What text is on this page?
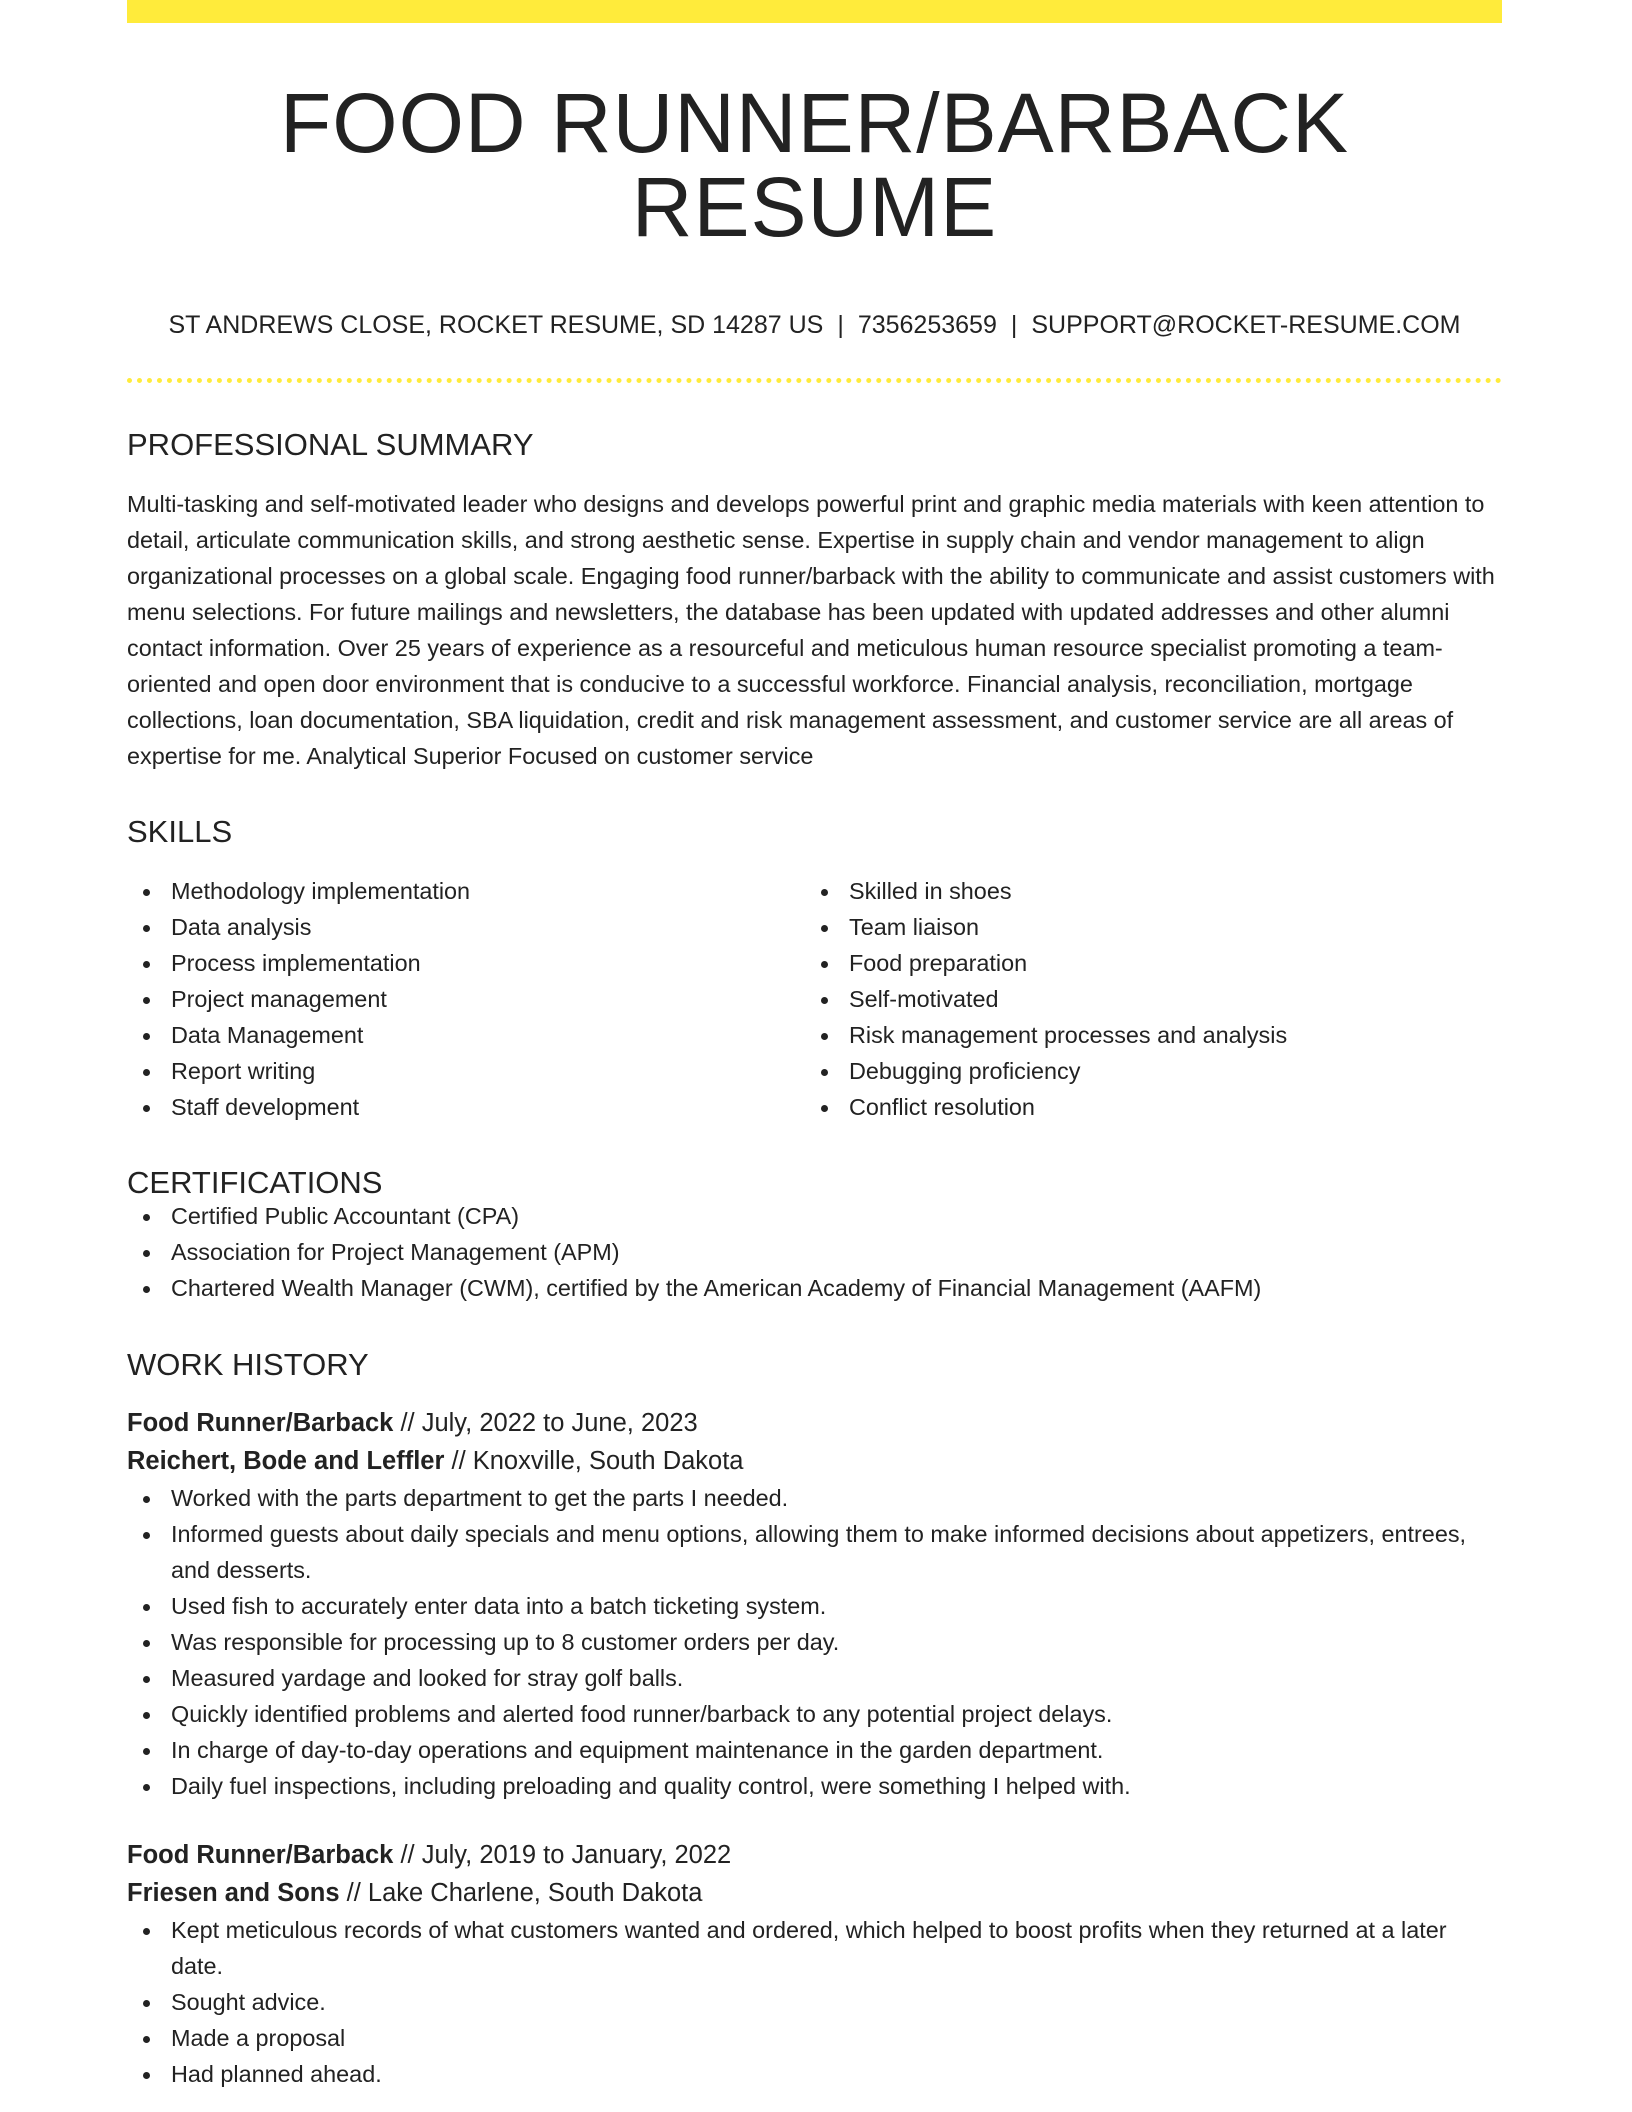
FOOD RUNNER/BARBACK RESUME
ST ANDREWS CLOSE, ROCKET RESUME, SD 14287 US | 7356253659 | SUPPORT@ROCKET-RESUME.COM
PROFESSIONAL SUMMARY
Multi-tasking and self-motivated leader who designs and develops powerful print and graphic media materials with keen attention to detail, articulate communication skills, and strong aesthetic sense. Expertise in supply chain and vendor management to align organizational processes on a global scale. Engaging food runner/barback with the ability to communicate and assist customers with menu selections. For future mailings and newsletters, the database has been updated with updated addresses and other alumni contact information. Over 25 years of experience as a resourceful and meticulous human resource specialist promoting a team-oriented and open door environment that is conducive to a successful workforce. Financial analysis, reconciliation, mortgage collections, loan documentation, SBA liquidation, credit and risk management assessment, and customer service are all areas of expertise for me. Analytical Superior Focused on customer service
SKILLS
Methodology implementation
Data analysis
Process implementation
Project management
Data Management
Report writing
Staff development
Skilled in shoes
Team liaison
Food preparation
Self-motivated
Risk management processes and analysis
Debugging proficiency
Conflict resolution
CERTIFICATIONS
Certified Public Accountant (CPA)
Association for Project Management (APM)
Chartered Wealth Manager (CWM), certified by the American Academy of Financial Management (AAFM)
WORK HISTORY
Food Runner/Barback // July, 2022 to June, 2023
Reichert, Bode and Leffler // Knoxville, South Dakota
Worked with the parts department to get the parts I needed.
Informed guests about daily specials and menu options, allowing them to make informed decisions about appetizers, entrees, and desserts.
Used fish to accurately enter data into a batch ticketing system.
Was responsible for processing up to 8 customer orders per day.
Measured yardage and looked for stray golf balls.
Quickly identified problems and alerted food runner/barback to any potential project delays.
In charge of day-to-day operations and equipment maintenance in the garden department.
Daily fuel inspections, including preloading and quality control, were something I helped with.
Food Runner/Barback // July, 2019 to January, 2022
Friesen and Sons // Lake Charlene, South Dakota
Kept meticulous records of what customers wanted and ordered, which helped to boost profits when they returned at a later date.
Sought advice.
Made a proposal
Had planned ahead.
